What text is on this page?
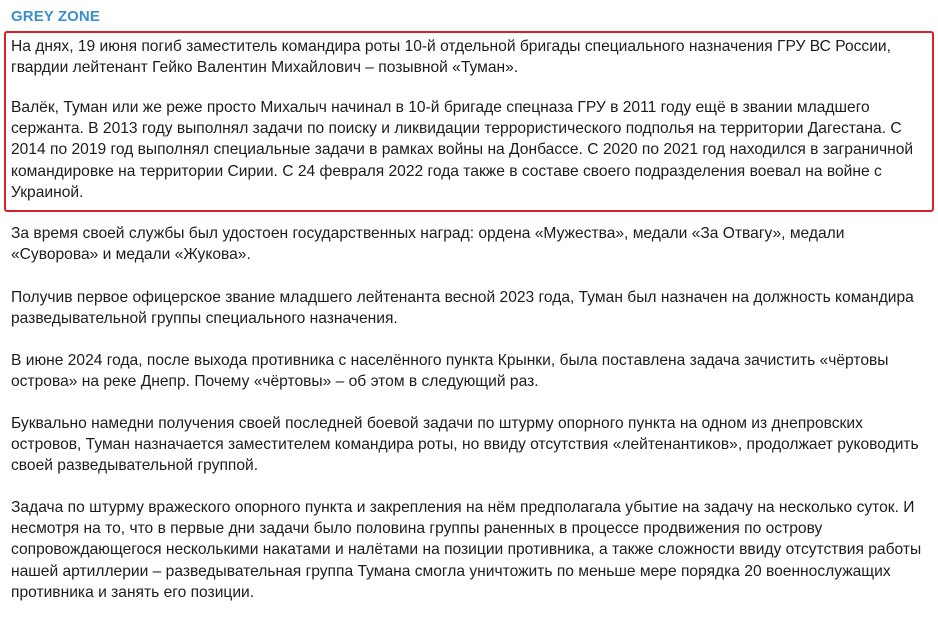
GREY ZONE

На днях, 19 июня погиб заместитель командира роты 10-й отдельной бригады специального назначения ГРУ ВС России, гвардии лейтенант Гейко Валентин Михайлович – позывной «Туман».

Валёк, Туман или же реже просто Михалыч начинал в 10-й бригаде спецназа ГРУ в 2011 году ещё в звании младшего сержанта. В 2013 году выполнял задачи по поиску и ликвидации террористического подполья на территории Дагестана. С 2014 по 2019 год выполнял специальные задачи в рамках войны на Донбассе. С 2020 по 2021 год находился в заграничной командировке на территории Сирии. С 24 февраля 2022 года также в составе своего подразделения воевал на войне с Украиной.

За время своей службы был удостоен государственных наград: ордена «Мужества», медали «За Отвагу», медали «Суворова» и медали «Жукова».

Получив первое офицерское звание младшего лейтенанта весной 2023 года, Туман был назначен на должность командира разведывательной группы специального назначения.

В июне 2024 года, после выхода противника с населённого пункта Крынки, была поставлена задача зачистить «чёртовы острова» на реке Днепр. Почему «чёртовы» – об этом в следующий раз.

Буквально намедни получения своей последней боевой задачи по штурму опорного пункта на одном из днепровских островов, Туман назначается заместителем командира роты, но ввиду отсутствия «лейтенантиков», продолжает руководить своей разведывательной группой.

Задача по штурму вражеского опорного пункта и закрепления на нём предполагала убытие на задачу на несколько суток. И несмотря на то, что в первые дни задачи было половина группы раненных в процессе продвижения по острову сопровождающегося несколькими накатами и налётами на позиции противника, а также сложности ввиду отсутствия работы нашей артиллерии – разведывательная группа Тумана смогла уничтожить по меньше мере порядка 20 военнослужащих противника и занять его позиции.
